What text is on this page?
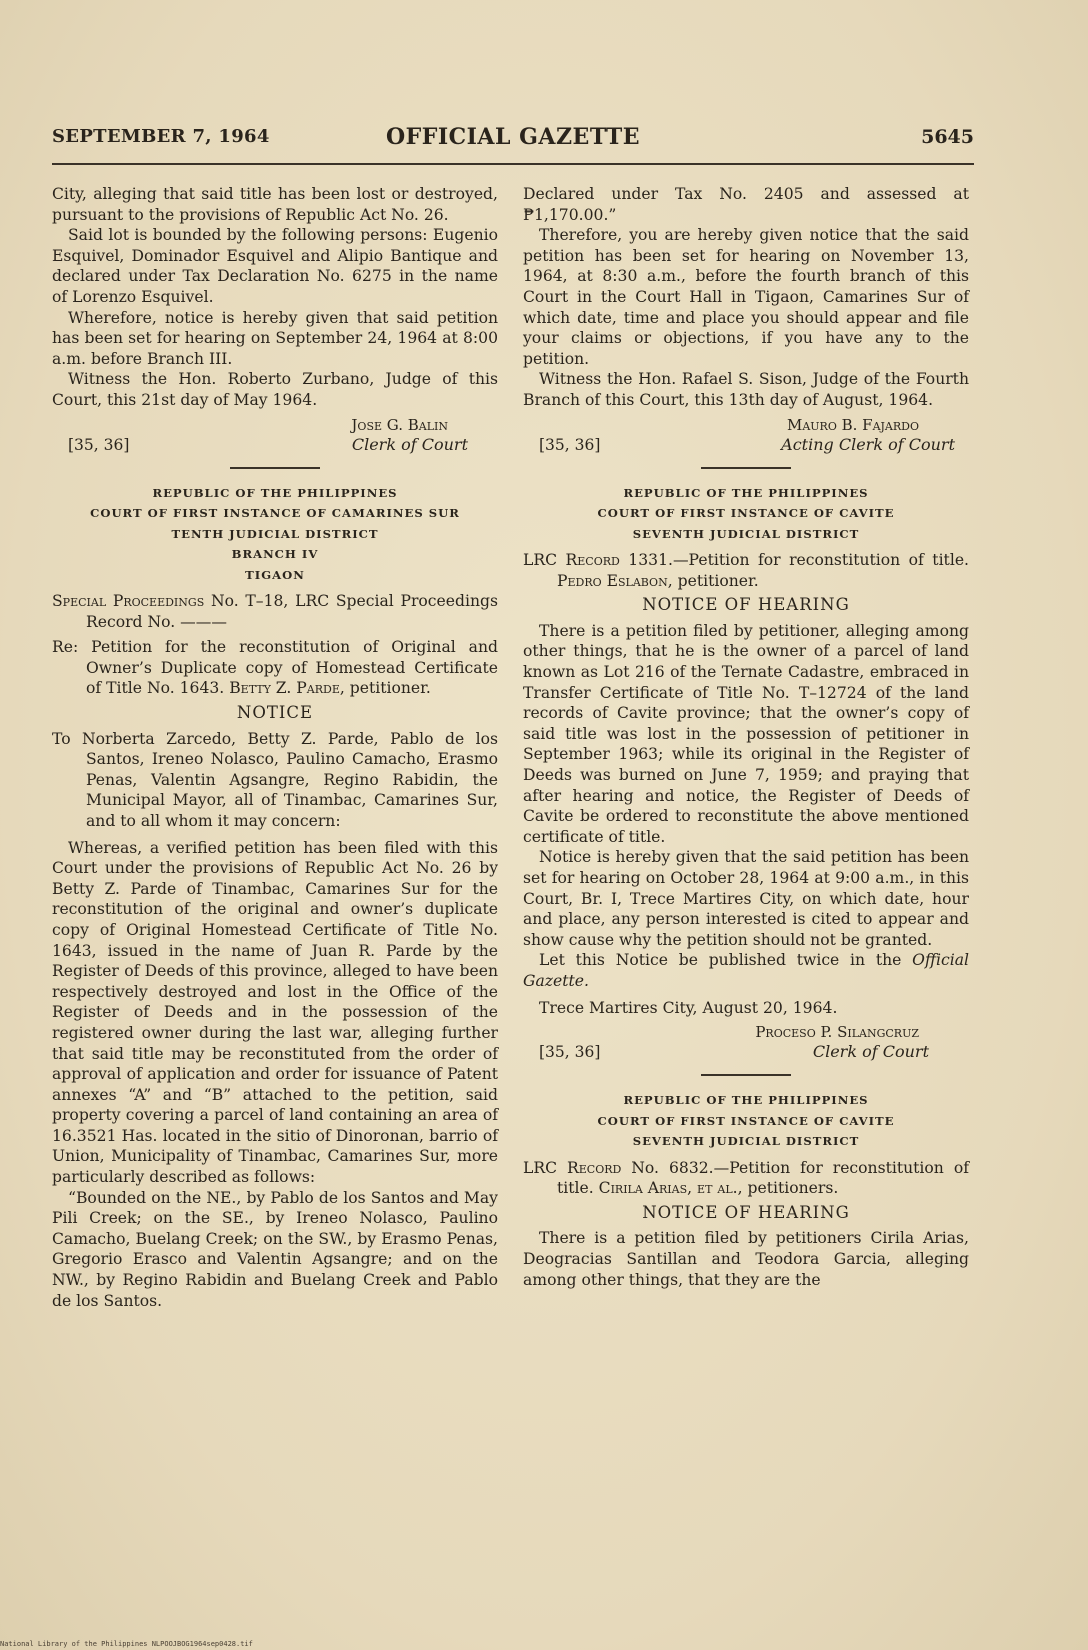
SEPTEMBER 7, 1964	OFFICIAL GAZETTE	5645

City, alleging that said title has been lost or destroyed, pursuant to the provisions of Republic Act No. 26.

Said lot is bounded by the following persons: Eugenio Esquivel, Dominador Esquivel and Alipio Bantique and declared under Tax Declaration No. 6275 in the name of Lorenzo Esquivel.

Wherefore, notice is hereby given that said petition has been set for hearing on September 24, 1964 at 8:00 a.m. before Branch III.

Witness the Hon. Roberto Zurbano, Judge of this Court, this 21st day of May 1964.

Jose G. Balin
Clerk of Court
[35, 36]
REPUBLIC OF THE PHILIPPINES
COURT OF FIRST INSTANCE OF CAMARINES SUR
TENTH JUDICIAL DISTRICT
BRANCH IV
TIGAON

Special Proceedings No. T–18, LRC Special Proceedings Record No. ———

Re: Petition for the reconstitution of Original and Owner’s Duplicate copy of Homestead Certificate of Title No. 1643. Betty Z. Parde, petitioner.

NOTICE

To Norberta Zarcedo, Betty Z. Parde, Pablo de los Santos, Ireneo Nolasco, Paulino Camacho, Erasmo Penas, Valentin Agsangre, Regino Rabidin, the Municipal Mayor, all of Tinambac, Camarines Sur, and to all whom it may concern:

Whereas, a verified petition has been filed with this Court under the provisions of Republic Act No. 26 by Betty Z. Parde of Tinambac, Camarines Sur for the reconstitution of the original and owner’s duplicate copy of Original Homestead Certificate of Title No. 1643, issued in the name of Juan R. Parde by the Register of Deeds of this province, alleged to have been respectively destroyed and lost in the Office of the Register of Deeds and in the possession of the registered owner during the last war, alleging further that said title may be reconstituted from the order of approval of application and order for issuance of Patent annexes “A” and “B” attached to the petition, said property covering a parcel of land containing an area of 16.3521 Has. located in the sitio of Dinoronan, barrio of Union, Municipality of Tinambac, Camarines Sur, more particularly described as follows:

“Bounded on the NE., by Pablo de los Santos and May Pili Creek; on the SE., by Ireneo Nolasco, Paulino Camacho, Buelang Creek; on the SW., by Erasmo Penas, Gregorio Erasco and Valentin Agsangre; and on the NW., by Regino Rabidin and Buelang Creek and Pablo de los Santos.

Declared under Tax No. 2405 and assessed at ₱1,170.00.”

Therefore, you are hereby given notice that the said petition has been set for hearing on November 13, 1964, at 8:30 a.m., before the fourth branch of this Court in the Court Hall in Tigaon, Camarines Sur of which date, time and place you should appear and file your claims or objections, if you have any to the petition.

Witness the Hon. Rafael S. Sison, Judge of the Fourth Branch of this Court, this 13th day of August, 1964.

Mauro B. Fajardo
Acting Clerk of Court
[35, 36]
REPUBLIC OF THE PHILIPPINES
COURT OF FIRST INSTANCE OF CAVITE
SEVENTH JUDICIAL DISTRICT

LRC Record 1331.—Petition for reconstitution of title. Pedro Eslabon, petitioner.

NOTICE OF HEARING

There is a petition filed by petitioner, alleging among other things, that he is the owner of a parcel of land known as Lot 216 of the Ternate Cadastre, embraced in Transfer Certificate of Title No. T–12724 of the land records of Cavite province; that the owner’s copy of said title was lost in the possession of petitioner in September 1963; while its original in the Register of Deeds was burned on June 7, 1959; and praying that after hearing and notice, the Register of Deeds of Cavite be ordered to reconstitute the above mentioned certificate of title.

Notice is hereby given that the said petition has been set for hearing on October 28, 1964 at 9:00 a.m., in this Court, Br. I, Trece Martires City, on which date, hour and place, any person interested is cited to appear and show cause why the petition should not be granted.

Let this Notice be published twice in the Official Gazette.

Trece Martires City, August 20, 1964.

Proceso P. Silangcruz
Clerk of Court
[35, 36]
REPUBLIC OF THE PHILIPPINES
COURT OF FIRST INSTANCE OF CAVITE
SEVENTH JUDICIAL DISTRICT

LRC Record No. 6832.—Petition for reconstitution of title. Cirila Arias, et al., petitioners.

NOTICE OF HEARING

There is a petition filed by petitioners Cirila Arias, Deogracias Santillan and Teodora Garcia, alleging among other things, that they are the

National Library of the Philippines NLPOOJBOG1964sep0428.tif
